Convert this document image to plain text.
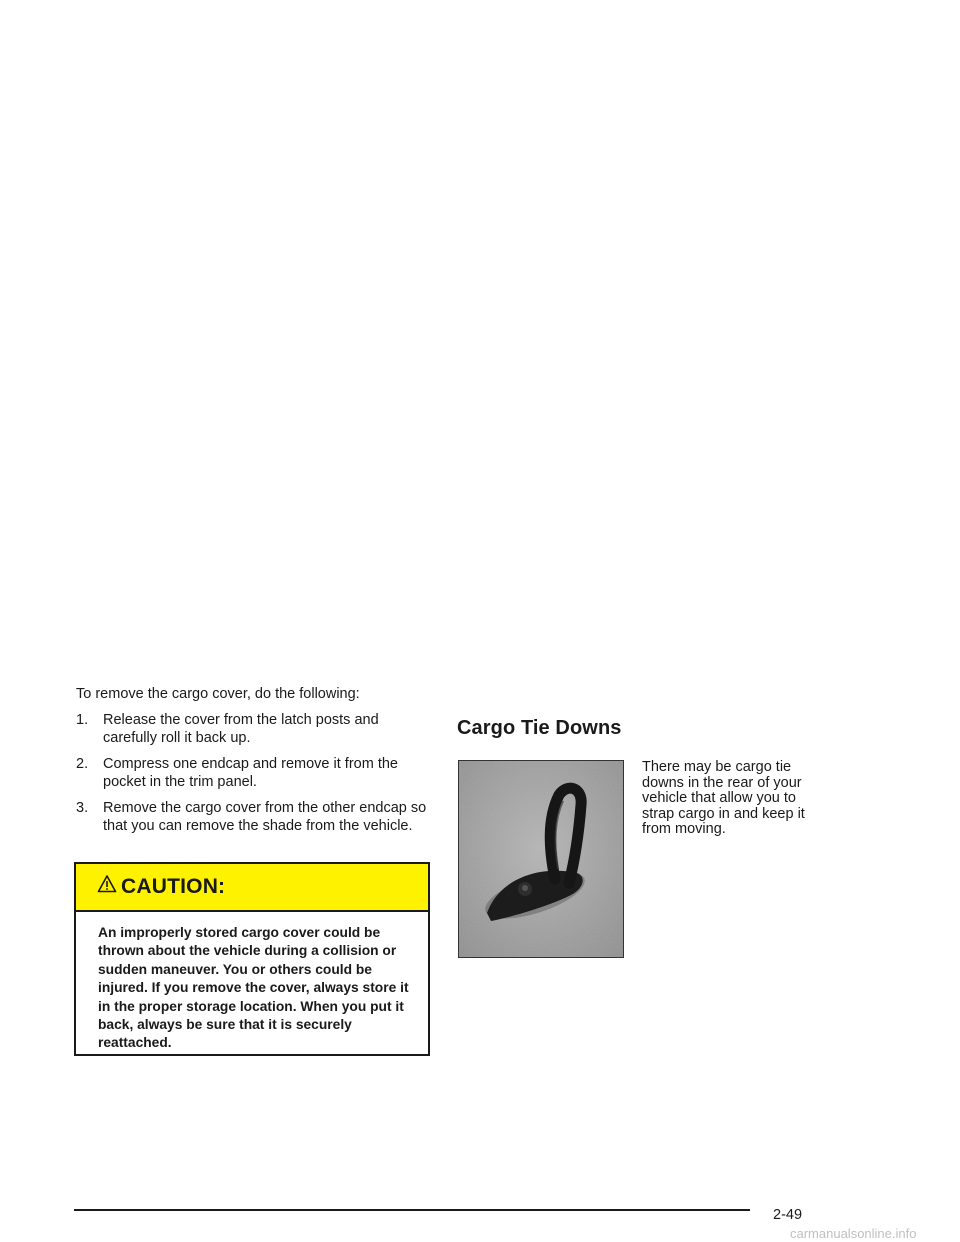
To remove the cargo cover, do the following:

1. Release the cover from the latch posts and carefully roll it back up.
2. Compress one endcap and remove it from the pocket in the trim panel.
3. Remove the cargo cover from the other endcap so that you can remove the shade from the vehicle.
CAUTION:

An improperly stored cargo cover could be thrown about the vehicle during a collision or sudden maneuver. You or others could be injured. If you remove the cover, always store it in the proper storage location. When you put it back, always be sure that it is securely reattached.

Cargo Tie Downs

There may be cargo tie downs in the rear of your vehicle that allow you to strap cargo in and keep it from moving.

2-49
carmanualsonline.info
